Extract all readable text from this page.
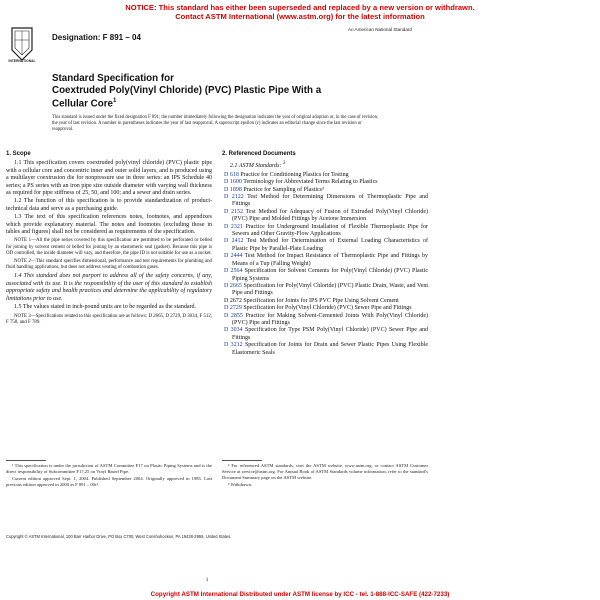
NOTICE: This standard has either been superseded and replaced by a new version or withdrawn.
Contact ASTM International (www.astm.org) for the latest information
INTERNATIONAL
Designation: F 891 – 04
An American National Standard
Standard Specification for
Coextruded Poly(Vinyl Chloride) (PVC) Plastic Pipe With a
Cellular Core$^1$
This standard is issued under the fixed designation F 891; the number immediately following the designation indicates the year of original adoption or, in the case of revision, the year of last revision. A number in parentheses indicates the year of last reapproval. A superscript epsilon (ε) indicates an editorial change since the last revision or reapproval.
1. Scope

1.1 This specification covers coextruded poly(vinyl chloride) (PVC) plastic pipe with a cellular core and concentric inner and outer solid layers, and is produced using a multilayer coextrusion die for nonpressure use in three series: an IPS Schedule 40 series; a PS series with an iron pipe size outside diameter with varying wall thickness as required for pipe stiffness of 25, 50, and 100; and a sewer and drain series.

1.2 The function of this specification is to provide standardization of product-technical data and serve as a purchasing guide.

1.3 The text of this specification references notes, footnotes, and appendixes which provide explanatory material. The notes and footnotes (excluding those in tables and figures) shall not be considered as requirements of the specification.

NOTE 1—All the pipe series covered by this specification are permitted to be perforated or belled for joining by solvent cement or belled for joining by an elastomeric seal (gasket). Because this pipe is OD controlled, the inside diameter will vary, and therefore, the pipe ID is not suitable for use as a socket.

NOTE 2—This standard specifies dimensional, performance and test requirements for plumbing and fluid handling applications, but does not address venting of combustion gases.

1.4 This standard does not purport to address all of the safety concerns, if any, associated with its use. It is the responsibility of the user of this standard to establish appropriate safety and health practices and determine the applicability of regulatory limitations prior to use.

1.5 The values stated in inch-pound units are to be regarded as the standard.

NOTE 3—Specifications related to this specification are as follows: D 2665, D 2729, D 3034, F 512, F 758, and F 789.

2. Referenced Documents

2.1 ASTM Standards: $^2$

D 618 Practice for Conditioning Plastics for Testing

D 1600 Terminology for Abbreviated Terms Relating to Plastics

D 1898 Practice for Sampling of Plastics³

D 2122 Test Method for Determining Dimensions of Thermoplastic Pipe and Fittings

D 2152 Test Method for Adequacy of Fusion of Extruded Poly(Vinyl Chloride) (PVC) Pipe and Molded Fittings by Acetone Immersion

D 2321 Practice for Underground Installation of Flexible Thermoplastic Pipe for Sewers and Other Gravity-Flow Applications

D 2412 Test Method for Determination of External Loading Characteristics of Plastic Pipe by Parallel-Plate Loading

D 2444 Test Method for Impact Resistance of Thermoplastic Pipe and Fittings by Means of a Tup (Falling Weight)

D 2564 Specification for Solvent Cements for Poly(Vinyl Chloride) (PVC) Plastic Piping Systems

D 2665 Specification for Poly(Vinyl Chloride) (PVC) Plastic Drain, Waste, and Vent Pipe and Fittings

D 2672 Specification for Joints for IPS PVC Pipe Using Solvent Cement

D 2729 Specification for Poly(Vinyl Chloride) (PVC) Sewer Pipe and Fittings

D 2855 Practice for Making Solvent-Cemented Joints With Poly(Vinyl Chloride) (PVC) Pipe and Fittings

D 3034 Specification for Type PSM Poly(Vinyl Chloride) (PVC) Sewer Pipe and Fittings

D 3212 Specification for Joints for Drain and Sewer Plastic Pipes Using Flexible Elastomeric Seals

¹ This specification is under the jurisdiction of ASTM Committee F17 on Plastic Piping Systems and is the direct responsibility of Subcommittee F17.25 on Vinyl Based Pipe.

Current edition approved Sept. 1, 2004. Published September 2004. Originally approved in 1985. Last previous edition approved in 2000 as F 891 – 00ε¹.

² For referenced ASTM standards, visit the ASTM website, www.astm.org, or contact ASTM Customer Service at service@astm.org. For Annual Book of ASTM Standards volume information, refer to the standard's Document Summary page on the ASTM website.

³ Withdrawn.

Copyright © ASTM International, 100 Barr Harbor Drive, PO Box C700, West Conshohocken, PA 19428-2959, United States.
1
Copyright ASTM International Distributed under ASTM license by ICC - tel. 1-888-ICC-SAFE (422-7233)
